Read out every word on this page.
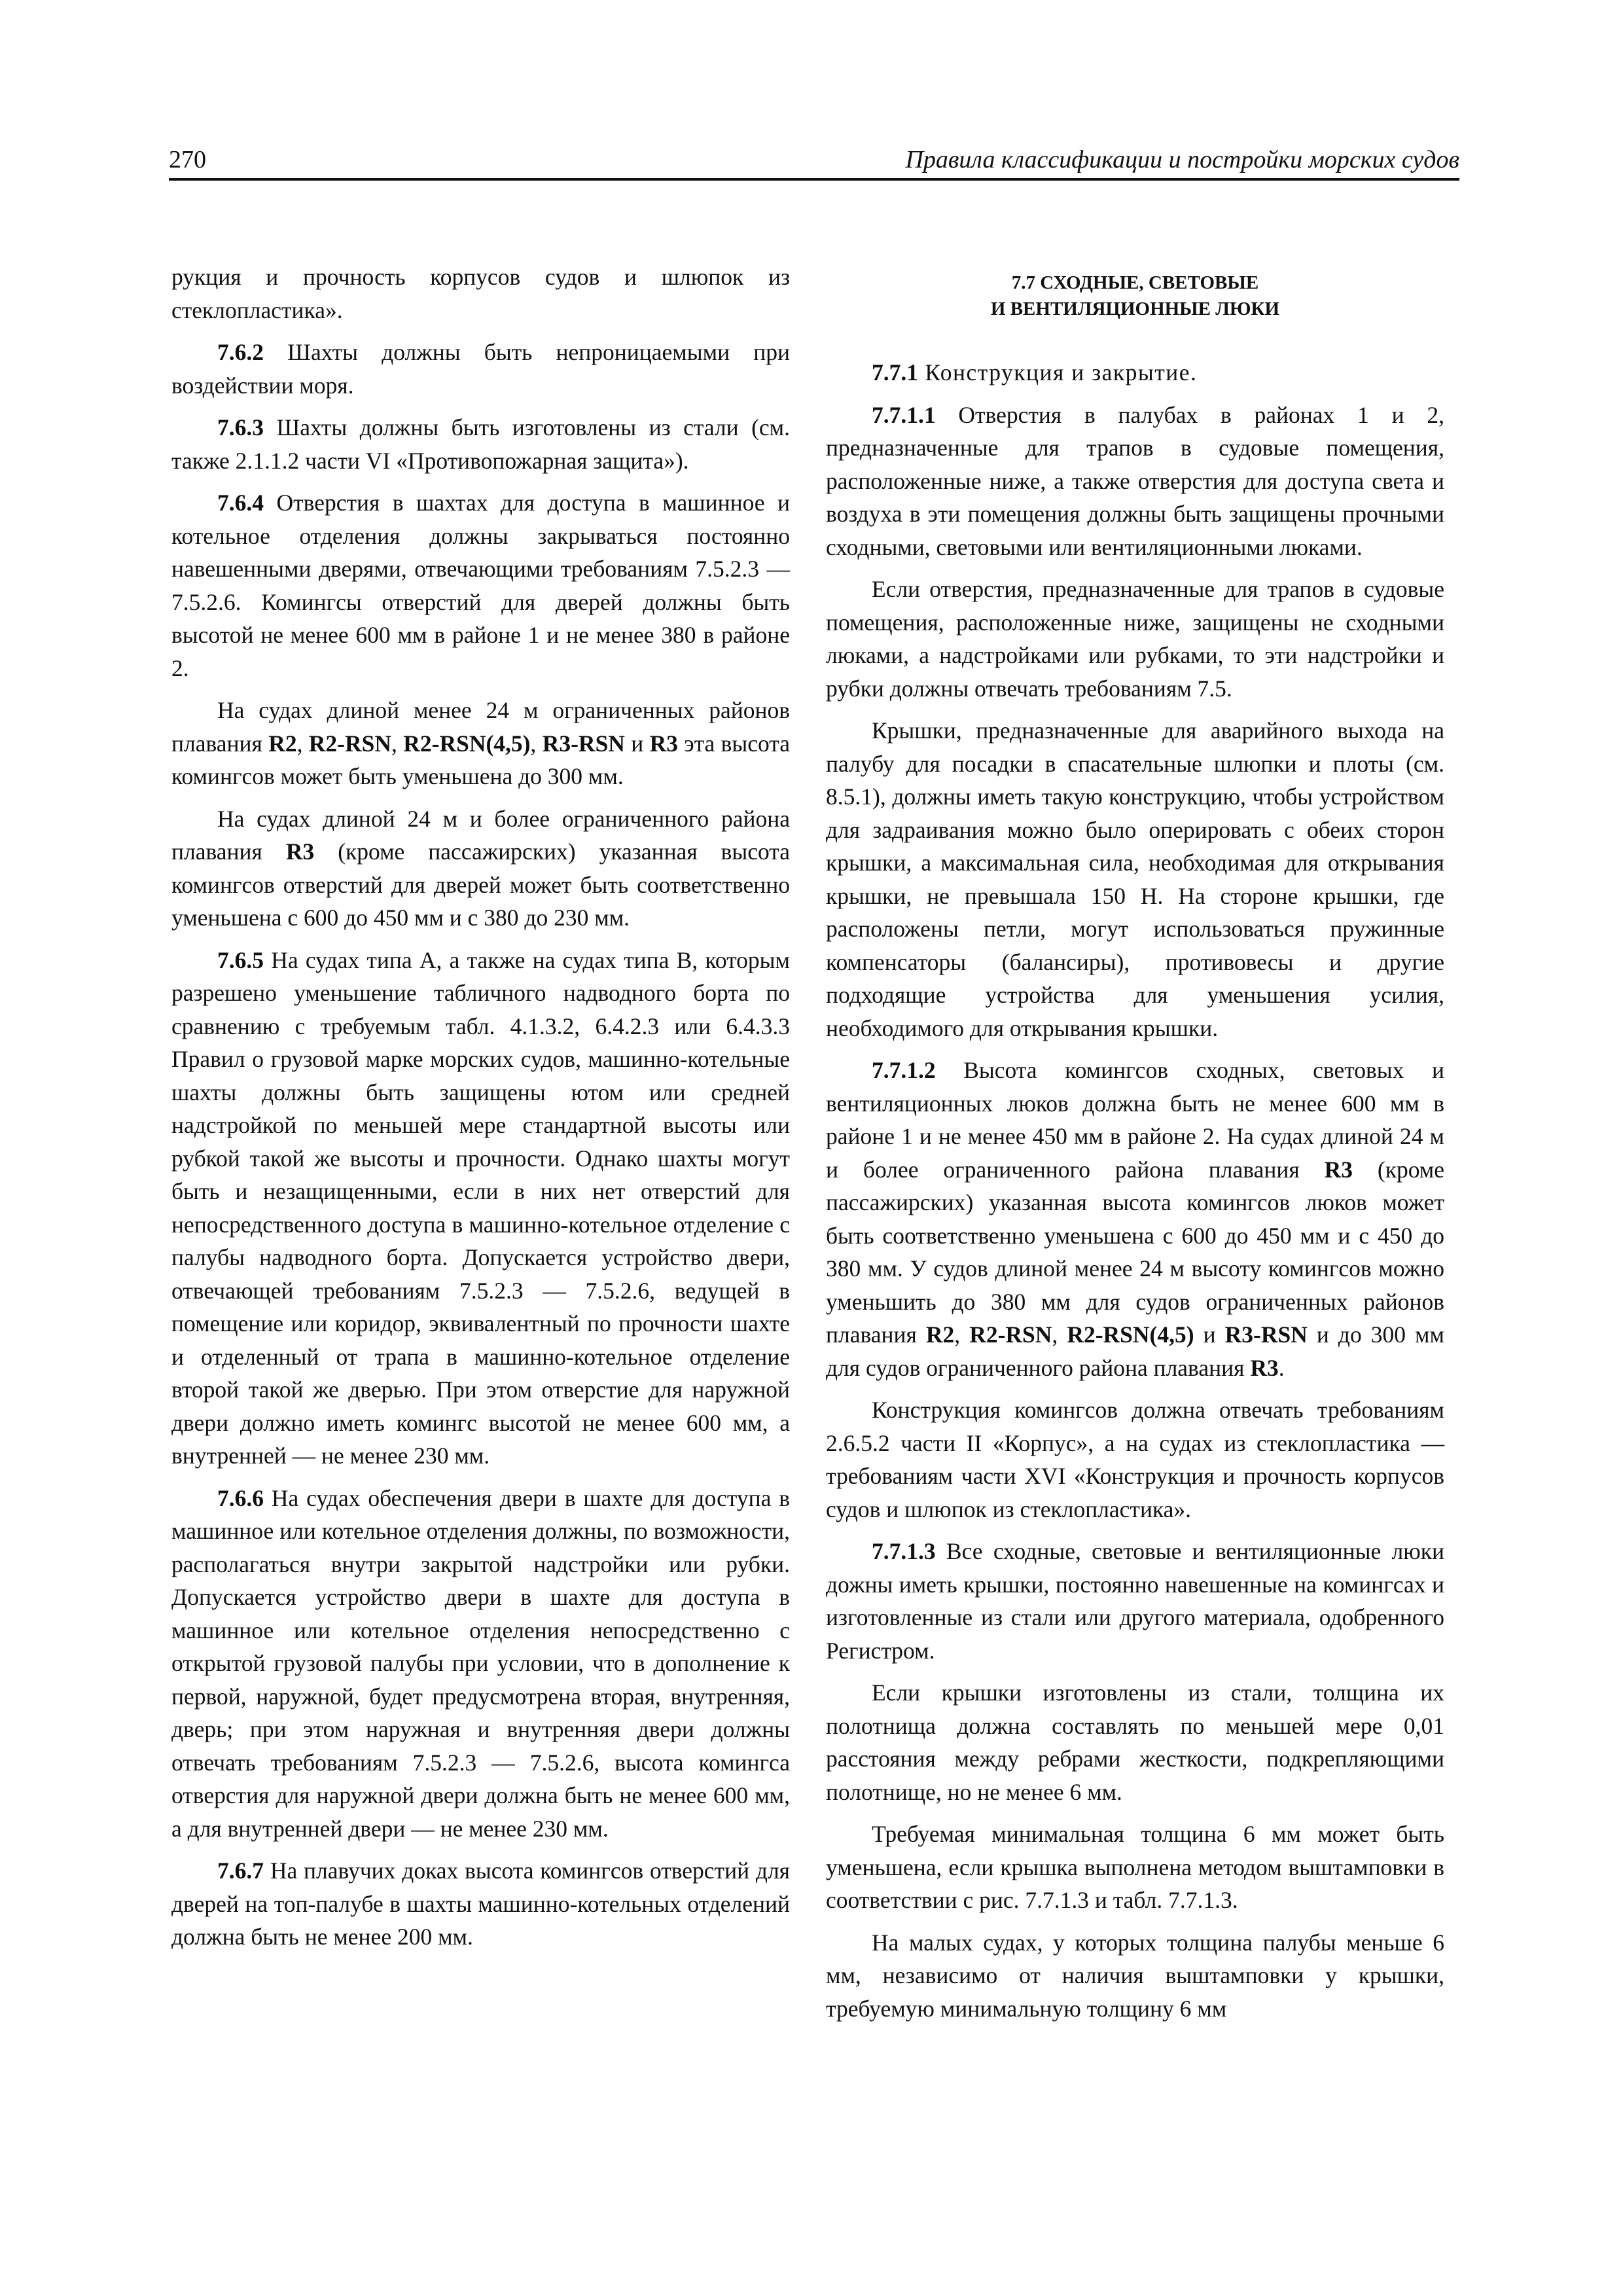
270	Правила классификации и постройки морских судов

рукция и прочность корпусов судов и шлюпок из стеклопластика».

7.6.2 Шахты должны быть непроницаемыми при воздействии моря.

7.6.3 Шахты должны быть изготовлены из стали (см. также 2.1.1.2 части VI «Противопожарная защита»).

7.6.4 Отверстия в шахтах для доступа в машинное и котельное отделения должны закрываться постоянно навешенными дверями, отвечающими требованиям 7.5.2.3 — 7.5.2.6. Комингсы отверстий для дверей должны быть высотой не менее 600 мм в районе 1 и не менее 380 в районе 2.

На судах длиной менее 24 м ограниченных районов плавания R2, R2-RSN, R2-RSN(4,5), R3-RSN и R3 эта высота комингсов может быть уменьшена до 300 мм.

На судах длиной 24 м и более ограниченного района плавания R3 (кроме пассажирских) указанная высота комингсов отверстий для дверей может быть соответственно уменьшена с 600 до 450 мм и с 380 до 230 мм.

7.6.5 На судах типа А, а также на судах типа В, которым разрешено уменьшение табличного надводного борта по сравнению с требуемым табл. 4.1.3.2, 6.4.2.3 или 6.4.3.3 Правил о грузовой марке морских судов, машинно-котельные шахты должны быть защищены ютом или средней надстройкой по меньшей мере стандартной высоты или рубкой такой же высоты и прочности. Однако шахты могут быть и незащищенными, если в них нет отверстий для непосредственного доступа в машинно-котельное отделение с палубы надводного борта. Допускается устройство двери, отвечающей требованиям 7.5.2.3 — 7.5.2.6, ведущей в помещение или коридор, эквивалентный по прочности шахте и отделенный от трапа в машинно-котельное отделение второй такой же дверью. При этом отверстие для наружной двери должно иметь комингс высотой не менее 600 мм, а внутренней — не менее 230 мм.

7.6.6 На судах обеспечения двери в шахте для доступа в машинное или котельное отделения должны, по возможности, располагаться внутри закрытой надстройки или рубки. Допускается устройство двери в шахте для доступа в машинное или котельное отделения непосредственно с открытой грузовой палубы при условии, что в дополнение к первой, наружной, будет предусмотрена вторая, внутренняя, дверь; при этом наружная и внутренняя двери должны отвечать требованиям 7.5.2.3 — 7.5.2.6, высота комингса отверстия для наружной двери должна быть не менее 600 мм, а для внутренней двери — не менее 230 мм.

7.6.7 На плавучих доках высота комингсов отверстий для дверей на топ-палубе в шахты машинно-котельных отделений должна быть не менее 200 мм.

7.7 СХОДНЫЕ, СВЕТОВЫЕ
И ВЕНТИЛЯЦИОННЫЕ ЛЮКИ

7.7.1 Конструкция и закрытие.

7.7.1.1 Отверстия в палубах в районах 1 и 2, предназначенные для трапов в судовые помещения, расположенные ниже, а также отверстия для доступа света и воздуха в эти помещения должны быть защищены прочными сходными, световыми или вентиляционными люками.

Если отверстия, предназначенные для трапов в судовые помещения, расположенные ниже, защищены не сходными люками, а надстройками или рубками, то эти надстройки и рубки должны отвечать требованиям 7.5.

Крышки, предназначенные для аварийного выхода на палубу для посадки в спасательные шлюпки и плоты (см. 8.5.1), должны иметь такую конструкцию, чтобы устройством для задраивания можно было оперировать с обеих сторон крышки, а максимальная сила, необходимая для открывания крышки, не превышала 150 Н. На стороне крышки, где расположены петли, могут использоваться пружинные компенсаторы (балансиры), противовесы и другие подходящие устройства для уменьшения усилия, необходимого для открывания крышки.

7.7.1.2 Высота комингсов сходных, световых и вентиляционных люков должна быть не менее 600 мм в районе 1 и не менее 450 мм в районе 2. На судах длиной 24 м и более ограниченного района плавания R3 (кроме пассажирских) указанная высота комингсов люков может быть соответственно уменьшена с 600 до 450 мм и с 450 до 380 мм. У судов длиной менее 24 м высоту комингсов можно уменьшить до 380 мм для судов ограниченных районов плавания R2, R2-RSN, R2-RSN(4,5) и R3-RSN и до 300 мм для судов ограниченного района плавания R3.

Конструкция комингсов должна отвечать требованиям 2.6.5.2 части II «Корпус», а на судах из стеклопластика — требованиям части XVI «Конструкция и прочность корпусов судов и шлюпок из стеклопластика».

7.7.1.3 Все сходные, световые и вентиляционные люки дожны иметь крышки, постоянно навешенные на комингсах и изготовленные из стали или другого материала, одобренного Регистром.

Если крышки изготовлены из стали, толщина их полотнища должна составлять по меньшей мере 0,01 расстояния между ребрами жесткости, подкрепляющими полотнище, но не менее 6 мм.

Требуемая минимальная толщина 6 мм может быть уменьшена, если крышка выполнена методом выштамповки в соответствии с рис. 7.7.1.3 и табл. 7.7.1.3.

На малых судах, у которых толщина палубы меньше 6 мм, независимо от наличия выштамповки у крышки, требуемую минимальную толщину 6 мм
